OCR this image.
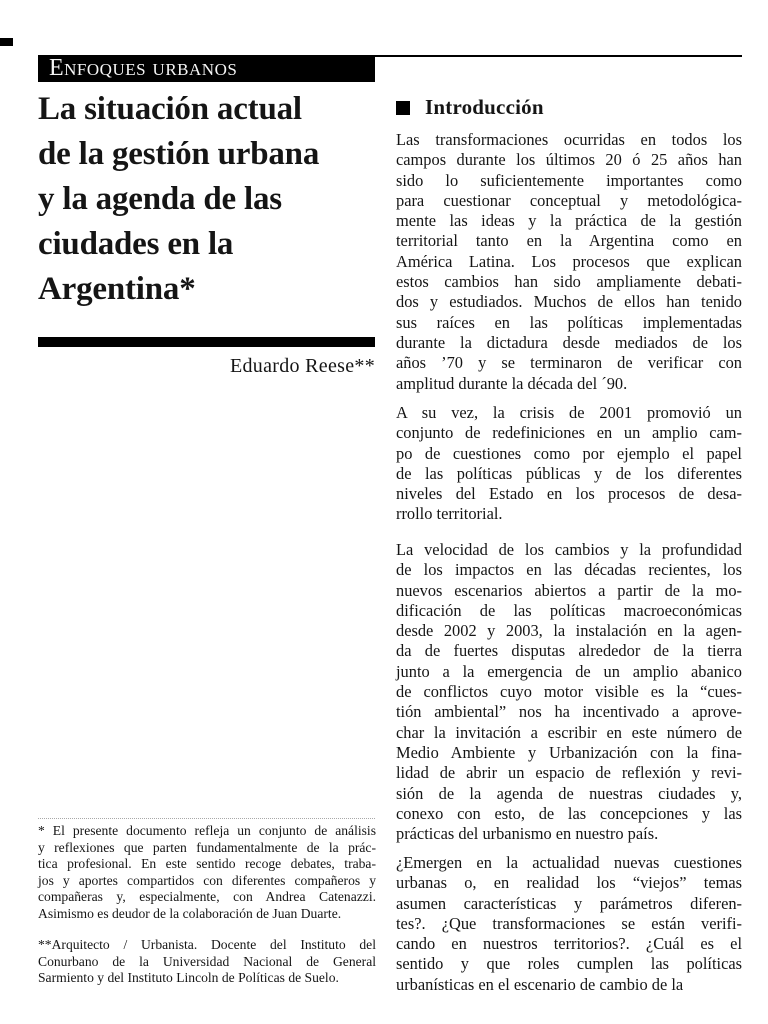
Enfoques urbanos
La situación actual
de la gestión urbana
y la agenda de las
ciudades en la
Argentina*
Eduardo Reese**
Introducción
Las transformaciones ocurridas en todos los
campos durante los últimos 20 ó 25 años han
sido lo suficientemente importantes como
para cuestionar conceptual y metodológica-
mente las ideas y la práctica de la gestión
territorial tanto en la Argentina como en
América Latina. Los procesos que explican
estos cambios han sido ampliamente debati-
dos y estudiados. Muchos de ellos han tenido
sus raíces en las políticas implementadas
durante la dictadura desde mediados de los
años ’70 y se terminaron de verificar con
amplitud durante la década del ´90.
A su vez, la crisis de 2001 promovió un
conjunto de redefiniciones en un amplio cam-
po de cuestiones como por ejemplo el papel
de las políticas públicas y de los diferentes
niveles del Estado en los procesos de desa-
rrollo territorial.
La velocidad de los cambios y la profundidad
de los impactos en las décadas recientes, los
nuevos escenarios abiertos a partir de la mo-
dificación de las políticas macroeconómicas
desde 2002 y 2003, la instalación en la agen-
da de fuertes disputas alrededor de la tierra
junto a la emergencia de un amplio abanico
de conflictos cuyo motor visible es la “cues-
tión ambiental” nos ha incentivado a aprove-
char la invitación a escribir en este número de
Medio Ambiente y Urbanización con la fina-
lidad de abrir un espacio de reflexión y revi-
sión de la agenda de nuestras ciudades y,
conexo con esto, de las concepciones y las
prácticas del urbanismo en nuestro país.
¿Emergen en la actualidad nuevas cuestiones
urbanas o, en realidad los “viejos” temas
asumen características y parámetros diferen-
tes?. ¿Que transformaciones se están verifi-
cando en nuestros territorios?. ¿Cuál es el
sentido y que roles cumplen las políticas
urbanísticas en el escenario de cambio de la
* El presente documento refleja un conjunto de análisis
y reflexiones que parten fundamentalmente de la prác-
tica profesional. En este sentido recoge debates, traba-
jos y aportes compartidos con diferentes compañeros y
compañeras y, especialmente, con Andrea Catenazzi.
Asimismo es deudor de la colaboración de Juan Duarte.
**Arquitecto / Urbanista. Docente del Instituto del
Conurbano de la Universidad Nacional de General
Sarmiento y del Instituto Lincoln de Políticas de Suelo.
